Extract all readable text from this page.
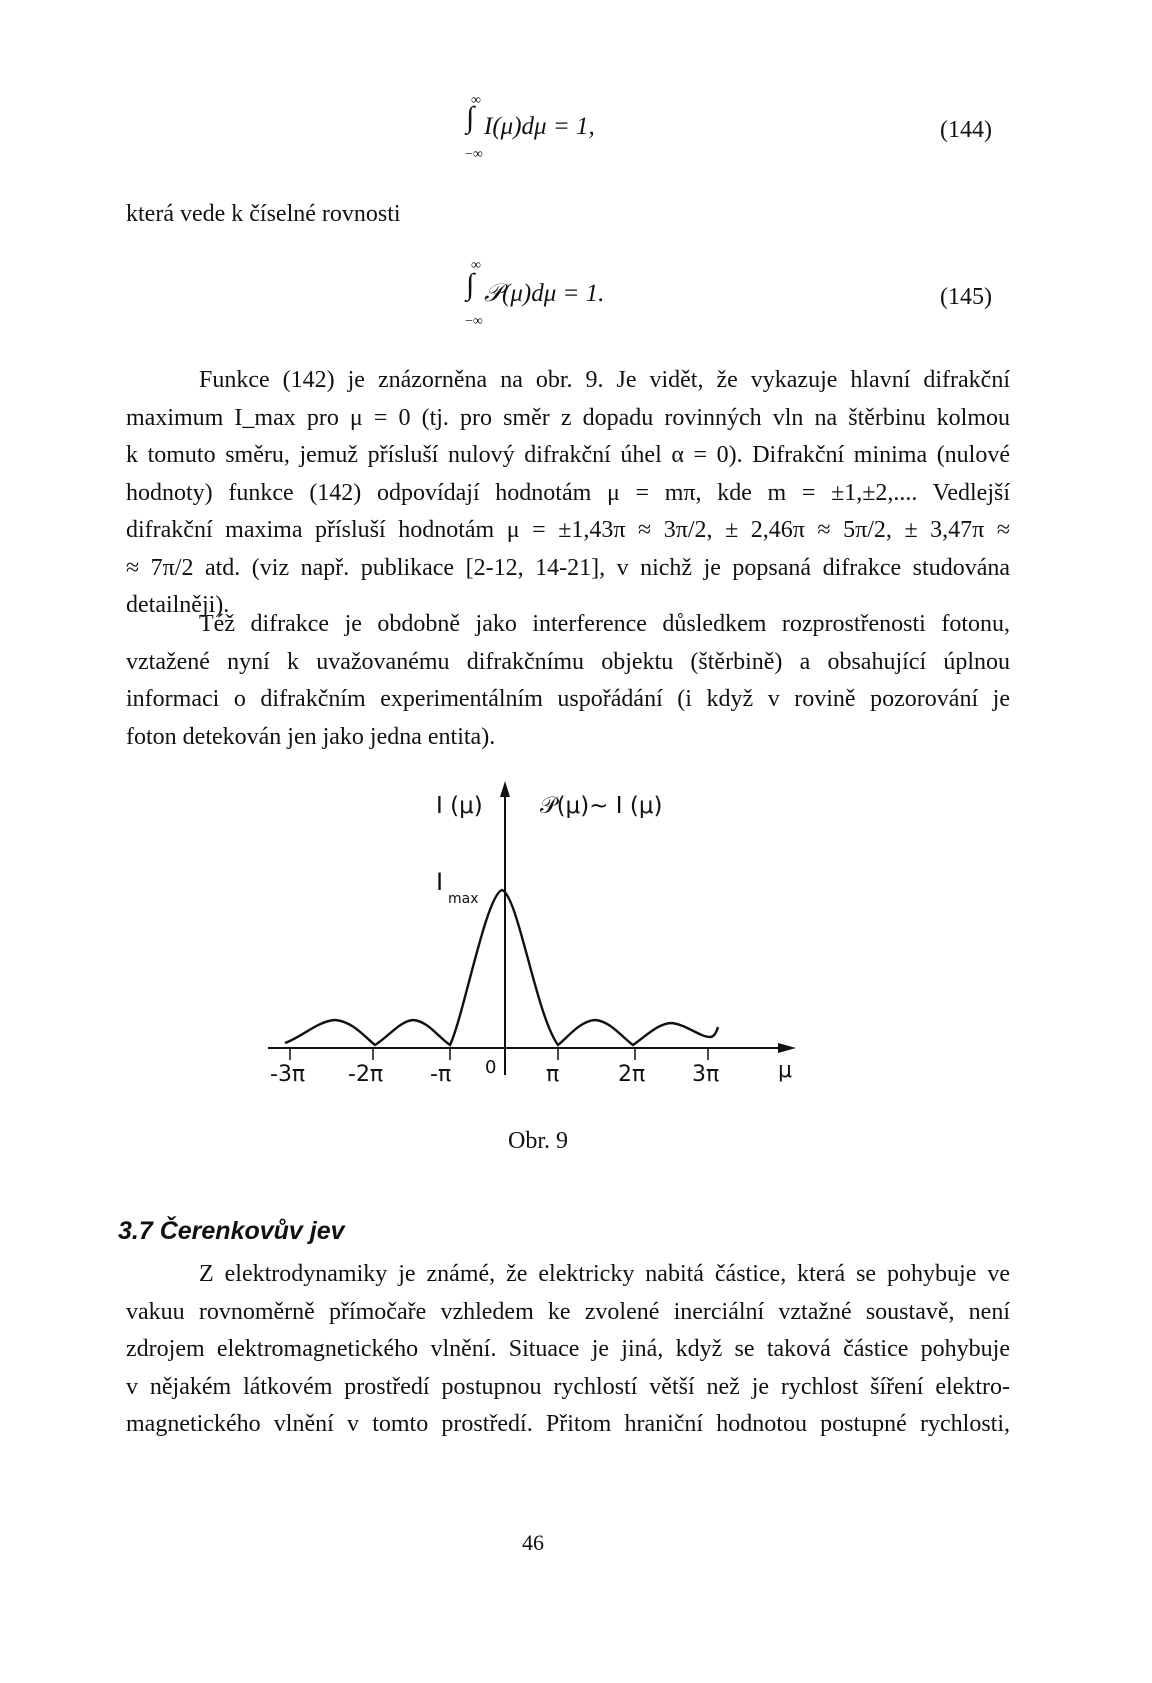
∞
∫ I(μ)dμ = 1,
−∞
(144)
která vede k číselné rovnosti
∞
∫ 𝒫(μ)dμ = 1.
−∞
(145)
Funkce (142) je znázorněna na obr. 9. Je vidět, že vykazuje hlavní difrakční
maximum I_max pro μ = 0 (tj. pro směr z dopadu rovinných vln na štěrbinu kolmou
k tomuto směru, jemuž přísluší nulový difrakční úhel α = 0). Difrakční minima (nulové
hodnoty) funkce (142) odpovídají hodnotám μ = mπ, kde m = ±1,±2,.... Vedlejší
difrakční maxima přísluší hodnotám μ = ±1,43π ≈ 3π/2, ± 2,46π ≈ 5π/2, ± 3,47π ≈
≈ 7π/2 atd. (viz např. publikace [2-12, 14-21], v nichž je popsaná difrakce studována
detailněji).
Též difrakce je obdobně jako interference důsledkem rozprostřenosti fotonu,
vztažené nyní k uvažovanému difrakčnímu objektu (štěrbině) a obsahující úplnou
informaci o difrakčním experimentálním uspořádání (i když v rovině pozorování je
foton detekován jen jako jedna entita).
I (μ) 𝒫(μ)~ I (μ)
I
max
μ
-3π -2π -π 0 π	2π 3π
Obr. 9
3.7 Čerenkovův jev
Z elektrodynamiky je známé, že elektricky nabitá částice, která se pohybuje ve
vakuu rovnoměrně přímočaře vzhledem ke zvolené inerciální vztažné soustavě, není
zdrojem elektromagnetického vlnění. Situace je jiná, když se taková částice pohybuje
v nějakém látkovém prostředí postupnou rychlostí větší než je rychlost šíření elektro-
magnetického vlnění v tomto prostředí. Přitom hraniční hodnotou postupné rychlosti,
46
